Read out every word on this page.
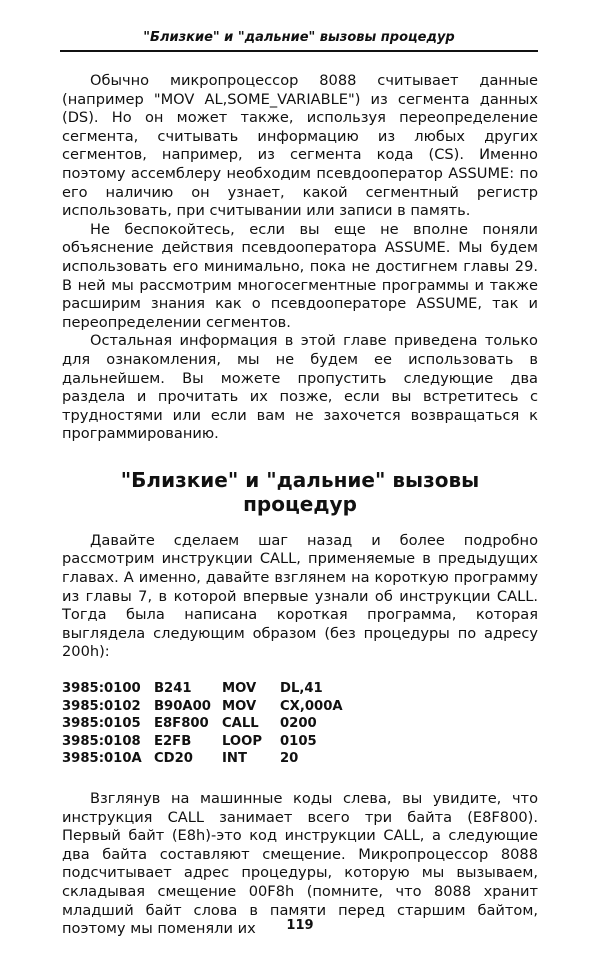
"Близкие" и "дальние" вызовы процедур

Обычно микропроцессор 8088 считывает данные (например "MOV AL,SOME_VARIABLE") из сегмента данных (DS). Но он может также, используя переопределение сегмента, считывать информацию из любых других сегментов, например, из сегмента кода (CS). Именно поэтому ассемблеру необходим псевдооператор ASSUME: по его наличию он узнает, какой сегментный регистр использовать, при считывании или записи в память.

Не беспокойтесь, если вы еще не вполне поняли объяснение действия псевдооператора ASSUME. Мы будем использовать его минимально, пока не достигнем главы 29. В ней мы рассмотрим многосегментные программы и также расширим знания как о псевдооператоре ASSUME, так и переопределении сегментов.

Остальная информация в этой главе приведена только для ознакомления, мы не будем ее использовать в дальнейшем. Вы можете пропустить следующие два раздела и прочитать их позже, если вы встретитесь с трудностями или если вам не захочется возвращаться к программированию.

"Близкие" и "дальние" вызовы процедур

Давайте сделаем шаг назад и более подробно рассмотрим инструкции CALL, применяемые в предыдущих главах. А именно, давайте взглянем на короткую программу из главы 7, в которой впервые узнали об инструкции CALL. Тогда была написана короткая программа, которая выглядела следующим образом (без процедуры по адресу 200h):

3985:0100	B241	MOV	DL,41
3985:0102	B90A00	MOV	CX,000A
3985:0105	E8F800	CALL	0200
3985:0108	E2FB	LOOP	0105
3985:010A	CD20	INT	20

Взглянув на машинные коды слева, вы увидите, что инструкция CALL занимает всего три байта (E8F800). Первый байт (E8h)-это код инструкции CALL, а следующие два байта составляют смещение. Микропроцессор 8088 подсчитывает адрес процедуры, которую мы вызываем, складывая смещение 00F8h (помните, что 8088 хранит младший байт слова в памяти перед старшим байтом, поэтому мы поменяли их	119
